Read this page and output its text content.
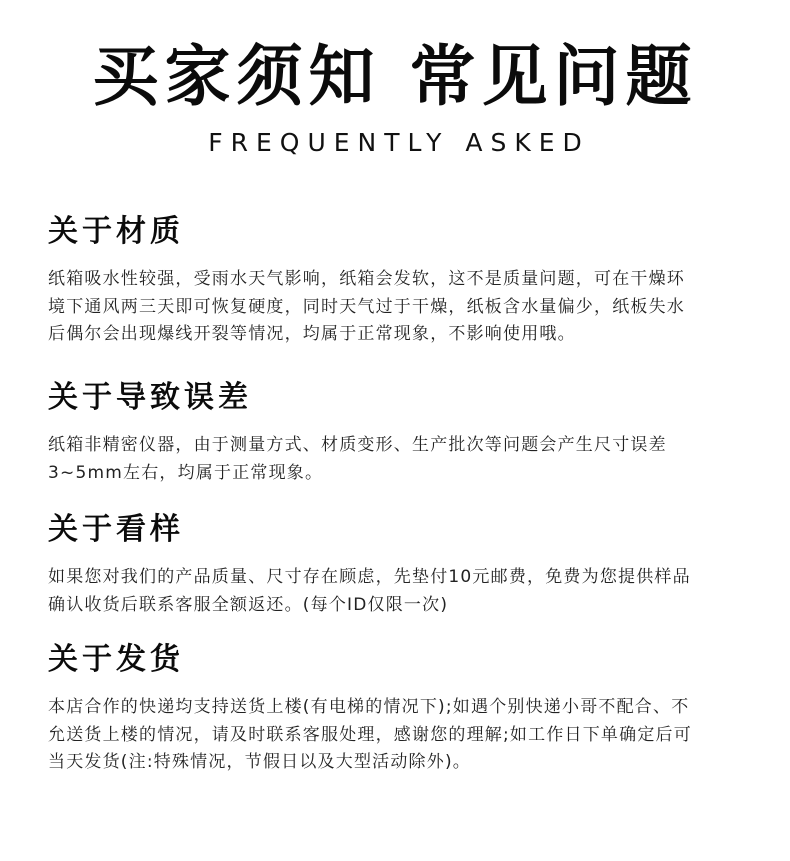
买家须知 常见问题
FREQUENTLY ASKED
关于材质

纸箱吸水性较强，受雨水天气影响，纸箱会发软，这不是质量问题，可在干燥环
境下通风两三天即可恢复硬度，同时天气过于干燥，纸板含水量偏少，纸板失水
后偶尔会出现爆线开裂等情况，均属于正常现象，不影响使用哦。

关于导致误差

纸箱非精密仪器，由于测量方式、材质变形、生产批次等问题会产生尺寸误差
3~5mm左右，均属于正常现象。

关于看样

如果您对我们的产品质量、尺寸存在顾虑，先垫付10元邮费，免费为您提供样品
确认收货后联系客服全额返还。(每个ID仅限一次)

关于发货

本店合作的快递均支持送货上楼(有电梯的情况下);如遇个别快递小哥不配合、不
允送货上楼的情况，请及时联系客服处理，感谢您的理解;如工作日下单确定后可
当天发货(注:特殊情况，节假日以及大型活动除外)。
